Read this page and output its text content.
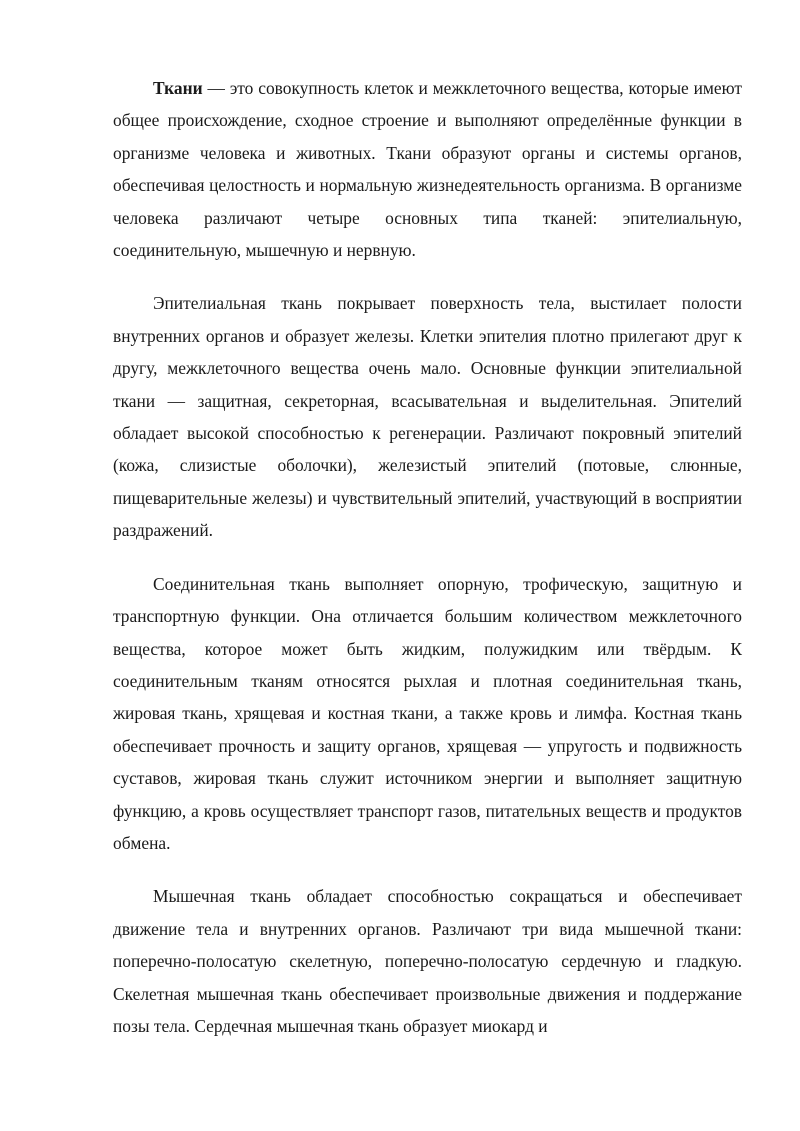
Ткани — это совокупность клеток и межклеточного вещества, которые имеют общее происхождение, сходное строение и выполняют определённые функции в организме человека и животных. Ткани образуют органы и системы органов, обеспечивая целостность и нормальную жизнедеятельность организма. В организме человека различают четыре основных типа тканей: эпителиальную, соединительную, мышечную и нервную.

Эпителиальная ткань покрывает поверхность тела, выстилает полости внутренних органов и образует железы. Клетки эпителия плотно прилегают друг к другу, межклеточного вещества очень мало. Основные функции эпителиальной ткани — защитная, секреторная, всасывательная и выделительная. Эпителий обладает высокой способностью к регенерации. Различают покровный эпителий (кожа, слизистые оболочки), железистый эпителий (потовые, слюнные, пищеварительные железы) и чувствительный эпителий, участвующий в восприятии раздражений.

Соединительная ткань выполняет опорную, трофическую, защитную и транспортную функции. Она отличается большим количеством межклеточного вещества, которое может быть жидким, полужидким или твёрдым. К соединительным тканям относятся рыхлая и плотная соединительная ткань, жировая ткань, хрящевая и костная ткани, а также кровь и лимфа. Костная ткань обеспечивает прочность и защиту органов, хрящевая — упругость и подвижность суставов, жировая ткань служит источником энергии и выполняет защитную функцию, а кровь осуществляет транспорт газов, питательных веществ и продуктов обмена.

Мышечная ткань обладает способностью сокращаться и обеспечивает движение тела и внутренних органов. Различают три вида мышечной ткани: поперечно-полосатую скелетную, поперечно-полосатую сердечную и гладкую. Скелетная мышечная ткань обеспечивает произвольные движения и поддержание позы тела. Сердечная мышечная ткань образует миокард и
